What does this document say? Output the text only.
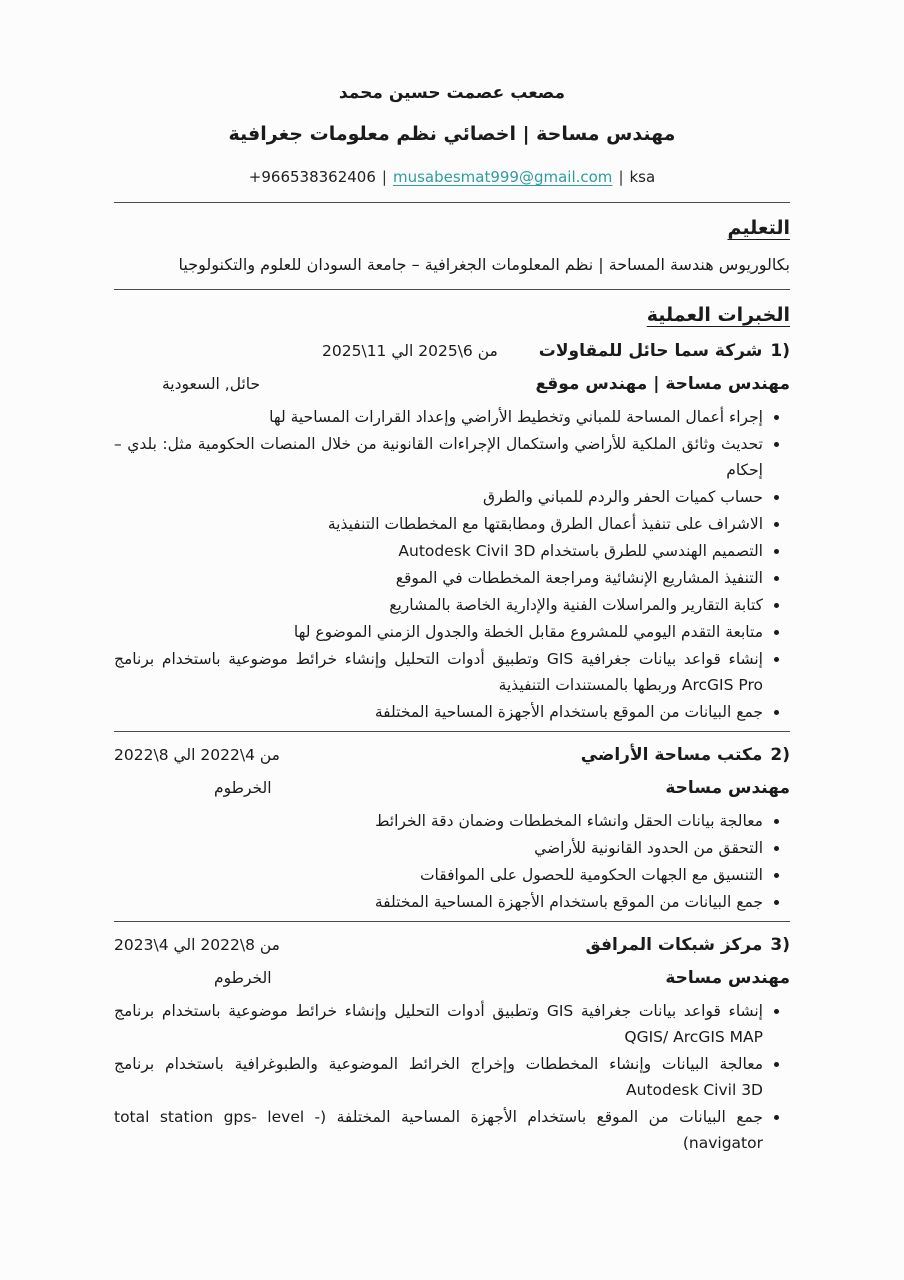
مصعب عصمت حسين محمد
مهندس مساحة | اخصائي نظم معلومات جغرافية
+966538362406 | musabesmat999@gmail.com | ksa
التعليم
بكالوريوس هندسة المساحة | نظم المعلومات الجغرافية – جامعة السودان للعلوم والتكنولوجيا
الخبرات العملية
1)شركة سما حائل للمقاولات
من 6\2025 الي 11\2025
مهندس مساحة | مهندس موقع
حائل, السعودية
• إجراء أعمال المساحة للمباني وتخطيط الأراضي وإعداد القرارات المساحية لها
• تحديث وثائق الملكية للأراضي واستكمال الإجراءات القانونية من خلال المنصات الحكومية مثل: بلدي – إحكام
• حساب كميات الحفر والردم للمباني والطرق
• الاشراف على تنفيذ أعمال الطرق ومطابقتها مع المخططات التنفيذية
• التصميم الهندسي للطرق باستخدام Autodesk Civil 3D
• التنفيذ المشاريع الإنشائية ومراجعة المخططات في الموقع
• كتابة التقارير والمراسلات الفنية والإدارية الخاصة بالمشاريع
• متابعة التقدم اليومي للمشروع مقابل الخطة والجدول الزمني الموضوع لها
• إنشاء قواعد بيانات جغرافية GIS وتطبيق أدوات التحليل وإنشاء خرائط موضوعية باستخدام برنامج ArcGIS Pro وربطها بالمستندات التنفيذية
• جمع البيانات من الموقع باستخدام الأجهزة المساحية المختلفة
2)مكتب مساحة الأراضي
من 4\2022 الي 8\2022
مهندس مساحة
الخرطوم
• معالجة بيانات الحقل وانشاء المخططات وضمان دقة الخرائط
• التحقق من الحدود القانونية للأراضي
• التنسيق مع الجهات الحكومية للحصول على الموافقات
• جمع البيانات من الموقع باستخدام الأجهزة المساحية المختلفة
3)مركز شبكات المرافق
من 8\2022 الي 4\2023
مهندس مساحة
الخرطوم
• إنشاء قواعد بيانات جغرافية GIS وتطبيق أدوات التحليل وإنشاء خرائط موضوعية باستخدام برنامج QGIS/ ArcGIS MAP
• معالجة البيانات وإنشاء المخططات وإخراج الخرائط الموضوعية والطبوغرافية باستخدام برنامج Autodesk Civil 3D
• جمع البيانات من الموقع باستخدام الأجهزة المساحية المختلفة (total station gps- level -navigator)
